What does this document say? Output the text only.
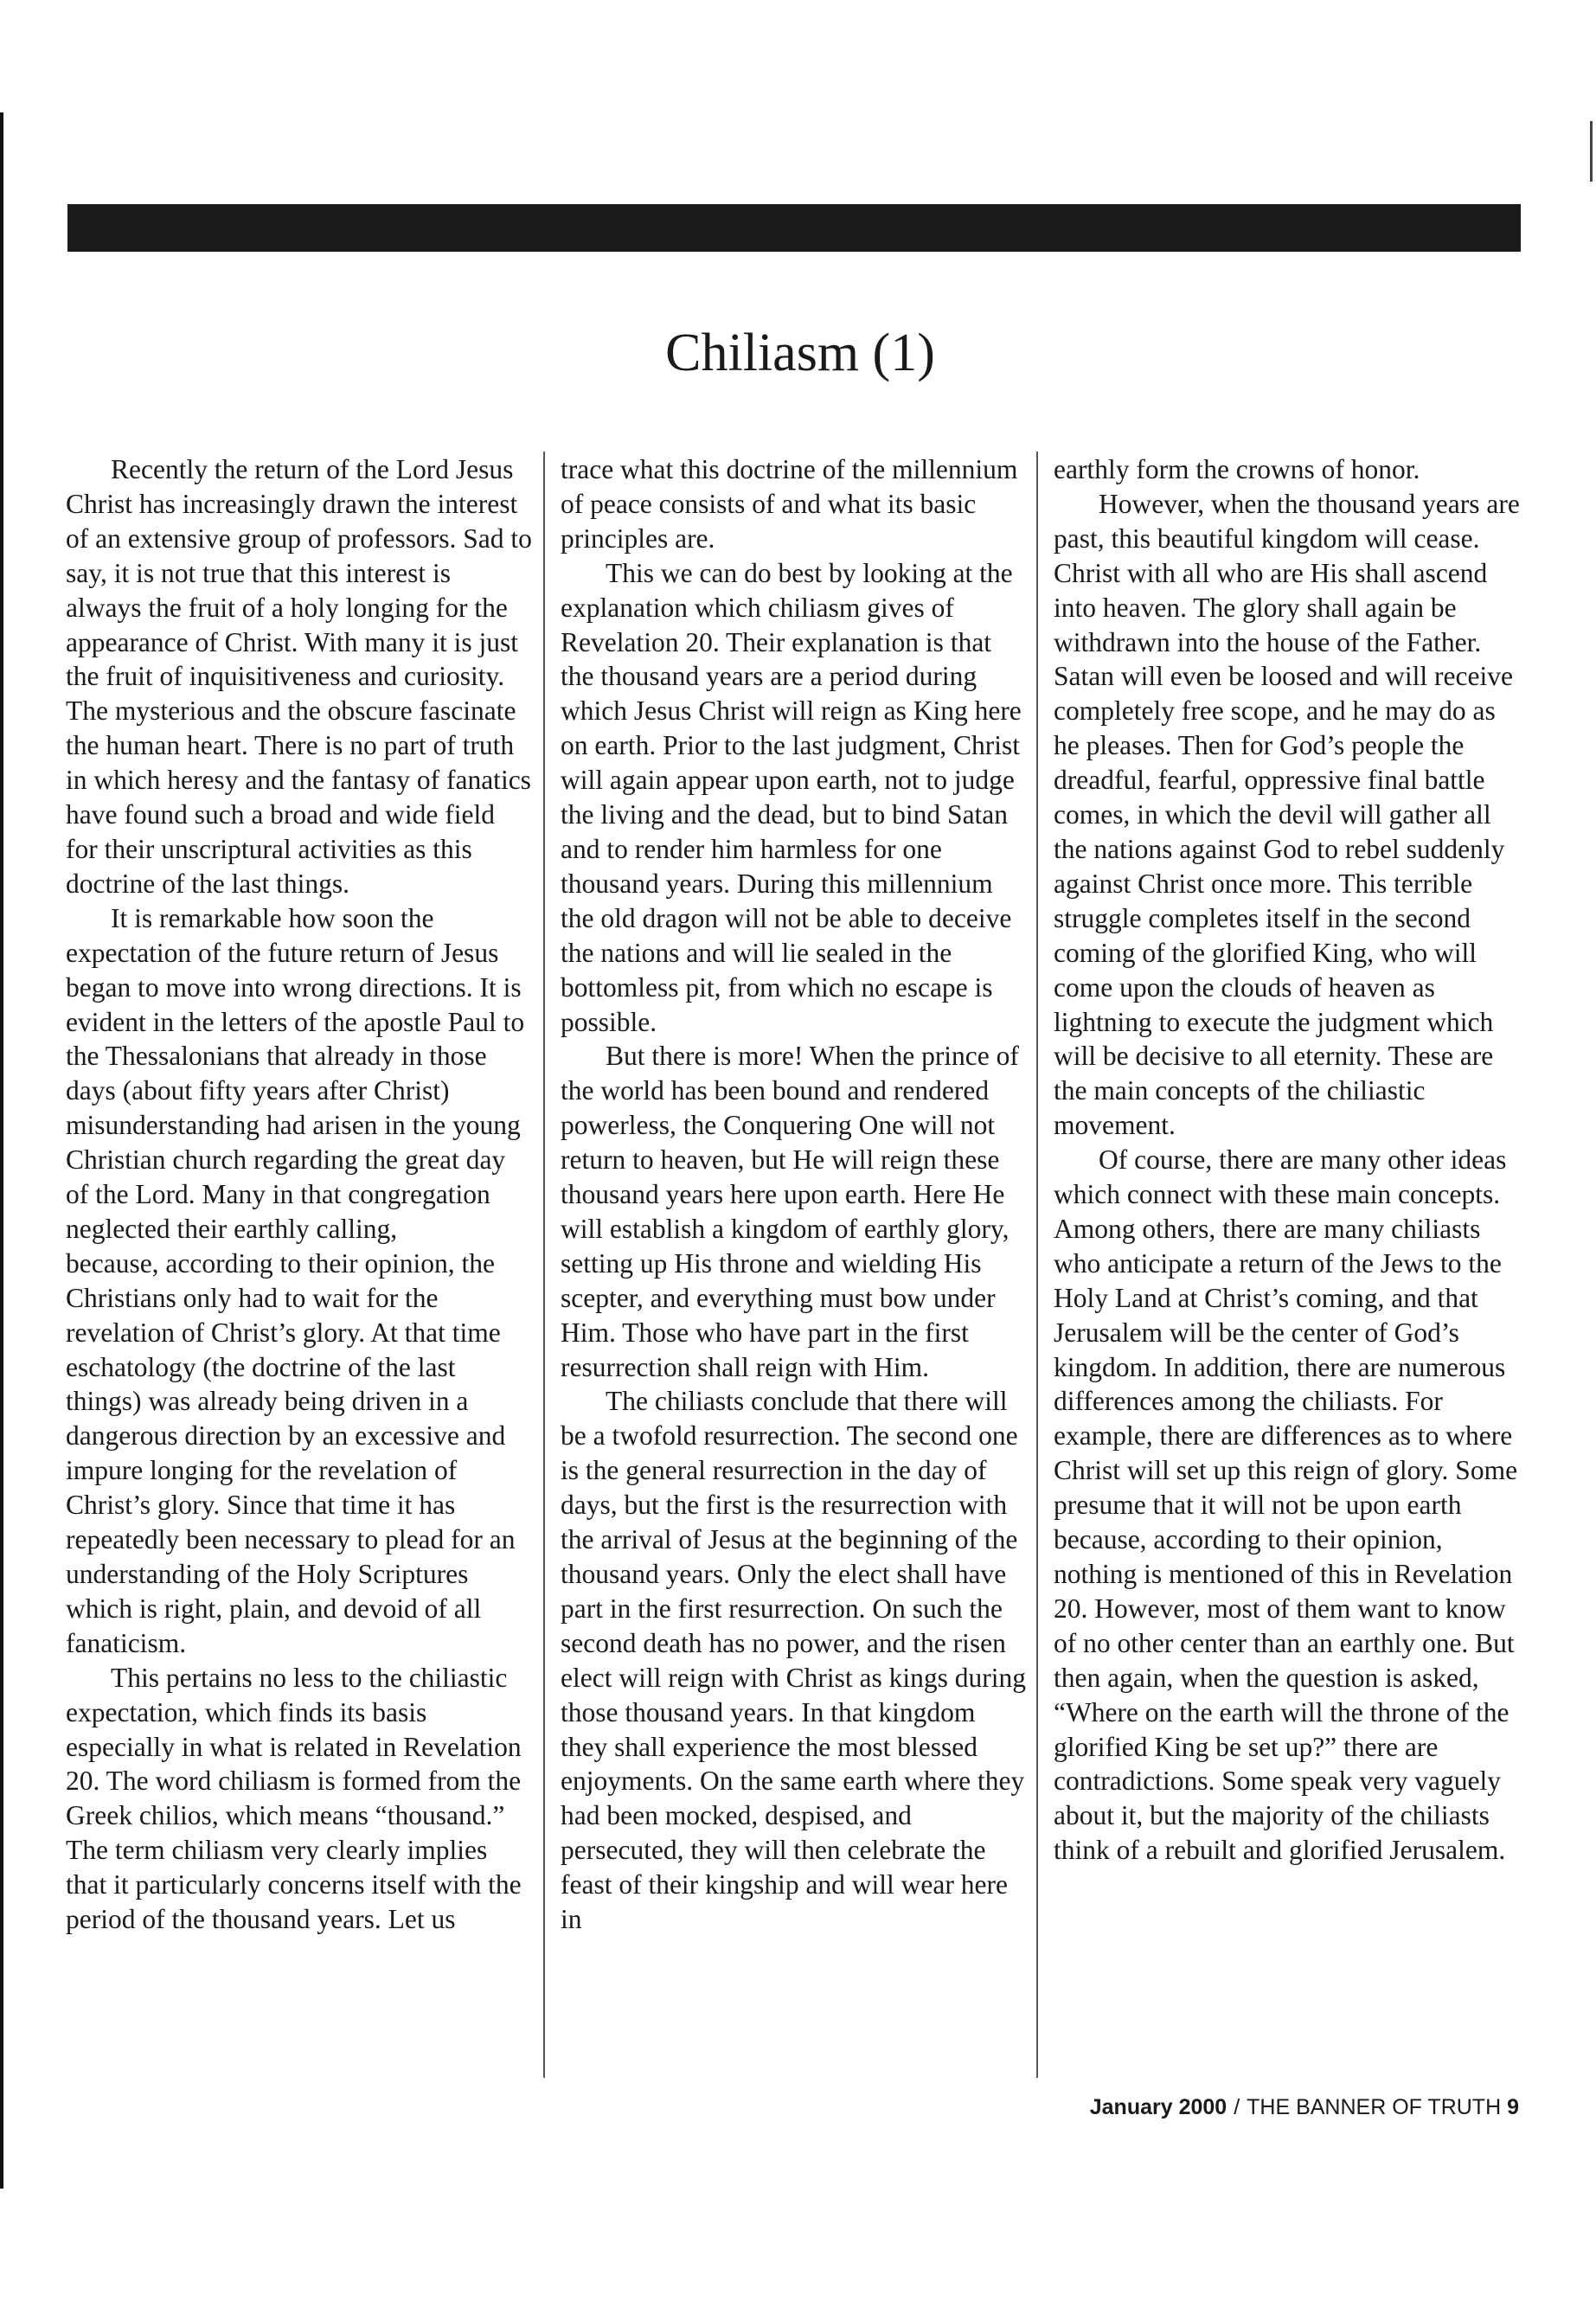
Chiliasm (1)

Recently the return of the Lord Jesus Christ has increasingly drawn the interest of an extensive group of professors. Sad to say, it is not true that this interest is always the fruit of a holy longing for the appearance of Christ. With many it is just the fruit of inquisitiveness and curiosity. The mysterious and the obscure fascinate the human heart. There is no part of truth in which heresy and the fantasy of fanatics have found such a broad and wide field for their unscriptural activities as this doctrine of the last things.

It is remarkable how soon the expectation of the future return of Jesus began to move into wrong directions. It is evident in the letters of the apostle Paul to the Thessalonians that already in those days (about fifty years after Christ) misunderstanding had arisen in the young Christian church regarding the great day of the Lord. Many in that congregation neglected their earthly calling,

because, according to their opinion, the Christians only had to wait for the revelation of Christ’s glory. At that time eschatology (the doctrine of the last things) was already being driven in a dangerous direction by an excessive and impure longing for the revelation of Christ’s glory. Since that time it has repeatedly been necessary to plead for an understanding of the Holy Scriptures which is right, plain, and devoid of all fanaticism.

This pertains no less to the chiliastic expectation, which finds its basis especially in what is related in Revelation 20. The word chiliasm is formed from the Greek chilios, which means “thousand.” The term chiliasm very clearly implies that it particularly concerns itself with the period of the thousand years. Let us

trace what this doctrine of the millennium of peace consists of and what its basic principles are.

This we can do best by looking at the explanation which chiliasm gives of Revelation 20. Their explanation is that the thousand years are a period during which Jesus Christ will reign as King here on earth. Prior to the last judgment, Christ will again appear upon earth, not to judge the living and the dead, but to bind Satan and to render him harmless for one thousand years. During this millennium the old dragon will not be able to deceive the nations and will lie sealed in the bottomless pit, from which no escape is possible.

But there is more! When the prince of the world has been bound and rendered powerless, the Conquering One will not return to heaven, but He will reign these thousand years here upon earth. Here He will establish a kingdom of earthly glory, setting up His throne and wielding His scepter, and everything must bow under Him. Those who have part in the first resurrection shall reign with Him.

The chiliasts conclude that there will be a twofold resurrection. The second one is the general resurrection in the day of days, but the first is the resurrection with the arrival of Jesus at the beginning of the thousand years. Only the elect shall have part in the first resurrection. On such the second death has no power, and the risen elect will reign with Christ as kings during those thousand years. In that kingdom they shall experience the most blessed enjoyments. On the same earth where they had been mocked, despised, and persecuted, they will then celebrate the feast of their kingship and will wear here in

earthly form the crowns of honor.

However, when the thousand years are past, this beautiful kingdom will cease. Christ with all who are His shall ascend into heaven. The glory shall again be withdrawn into the house of the Father. Satan will even be loosed and will receive completely free scope, and he may do as he pleases. Then for God’s people the dreadful, fearful, oppressive final battle comes, in which the devil will gather all the nations against God to rebel suddenly against Christ once more. This terrible struggle completes itself in the second coming of the glorified King, who will come upon the clouds of heaven as lightning to execute the judgment which will be decisive to all eternity. These are the main concepts of the chiliastic movement.

Of course, there are many other ideas which connect with these main concepts. Among others, there are many chiliasts who anticipate a return of the Jews to the Holy Land at Christ’s coming, and that Jerusalem will be the center of God’s kingdom. In addition, there are numerous differences among the chiliasts. For example, there are differences as to where Christ will set up this reign of glory. Some presume that it will not be upon earth because, according to their opinion, nothing is mentioned of this in Revelation 20. However, most of them want to know of no other center than an earthly one. But then again, when the question is asked, “Where on the earth will the throne of the glorified King be set up?” there are contradictions. Some speak very vaguely about it, but the majority of the chiliasts think of a rebuilt and glorified Jerusalem.

January 2000 / THE BANNER OF TRUTH 9
